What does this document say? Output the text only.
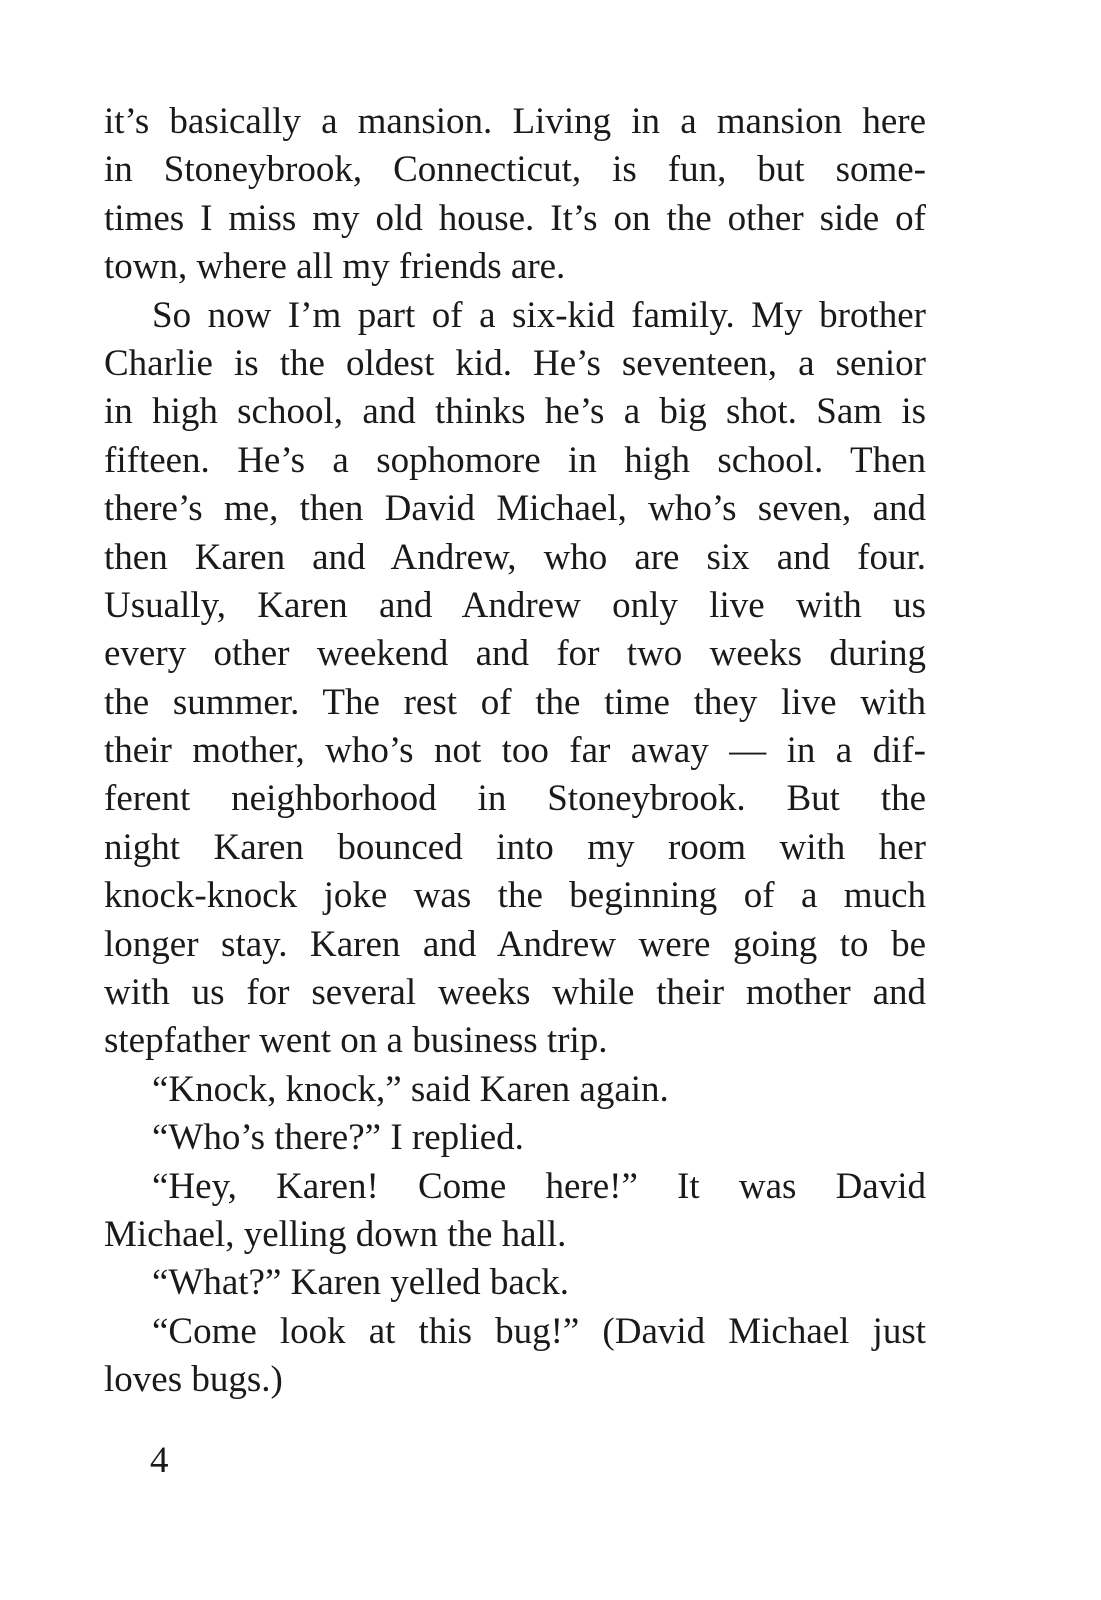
it’s basically a mansion. Living in a mansion here
in Stoneybrook, Connecticut, is fun, but some-
times I miss my old house. It’s on the other side of
town, where all my friends are.
So now I’m part of a six-kid family. My brother
Charlie is the oldest kid. He’s seventeen, a senior
in high school, and thinks he’s a big shot. Sam is
fifteen. He’s a sophomore in high school. Then
there’s me, then David Michael, who’s seven, and
then Karen and Andrew, who are six and four.
Usually, Karen and Andrew only live with us
every other weekend and for two weeks during
the summer. The rest of the time they live with
their mother, who’s not too far away — in a dif-
ferent neighborhood in Stoneybrook. But the
night Karen bounced into my room with her
knock-knock joke was the beginning of a much
longer stay. Karen and Andrew were going to be
with us for several weeks while their mother and
stepfather went on a business trip.
“Knock, knock,” said Karen again.
“Who’s there?” I replied.
“Hey, Karen! Come here!” It was David
Michael, yelling down the hall.
“What?” Karen yelled back.
“Come look at this bug!” (David Michael just
loves bugs.)
4
